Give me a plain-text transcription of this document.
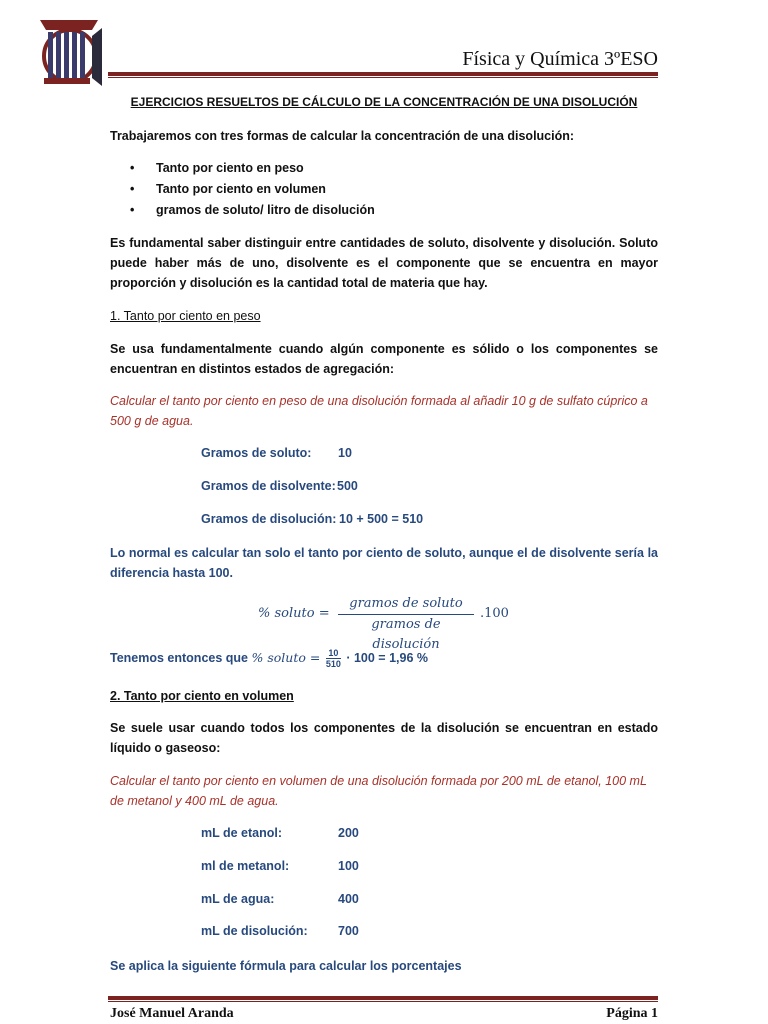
Física y Química 3ºESO
EJERCICIOS RESUELTOS DE CÁLCULO DE LA CONCENTRACIÓN DE UNA DISOLUCIÓN
Trabajaremos con tres formas de calcular la concentración de una disolución:
• Tanto por ciento en peso
• Tanto por ciento en volumen
• gramos de soluto/ litro de disolución
Es fundamental saber distinguir entre cantidades de soluto, disolvente y disolución. Soluto puede haber más de uno, disolvente es el componente que se encuentra en mayor proporción y disolución es la cantidad total de materia que hay.
1. Tanto por ciento en peso
Se usa fundamentalmente cuando algún componente es sólido o los componentes se encuentran en distintos estados de agregación:
Calcular el tanto por ciento en peso de una disolución formada al añadir 10 g de sulfato cúprico a 500 g de agua.
Gramos de soluto: 10
Gramos de disolvente: 500
Gramos de disolución: 10 + 500 = 510
Lo normal es calcular tan solo el tanto por ciento de soluto, aunque el de disolvente sería la diferencia hasta 100.
% soluto =
gramos de soluto
gramos de disolución
.100
Tenemos entonces que % soluto = $\frac{10}{510} \cdot 100 = 1,96$ %
2. Tanto por ciento en volumen
Se suele usar cuando todos los componentes de la disolución se encuentran en estado líquido o gaseoso:
Calcular el tanto por ciento en volumen de una disolución formada por 200 mL de etanol, 100 mL de metanol y 400 mL de agua.
mL de etanol:	200
ml de metanol:	100
mL de agua:	400
mL de disolución: 700
Se aplica la siguiente fórmula para calcular los porcentajes
José Manuel Aranda	Página 1
